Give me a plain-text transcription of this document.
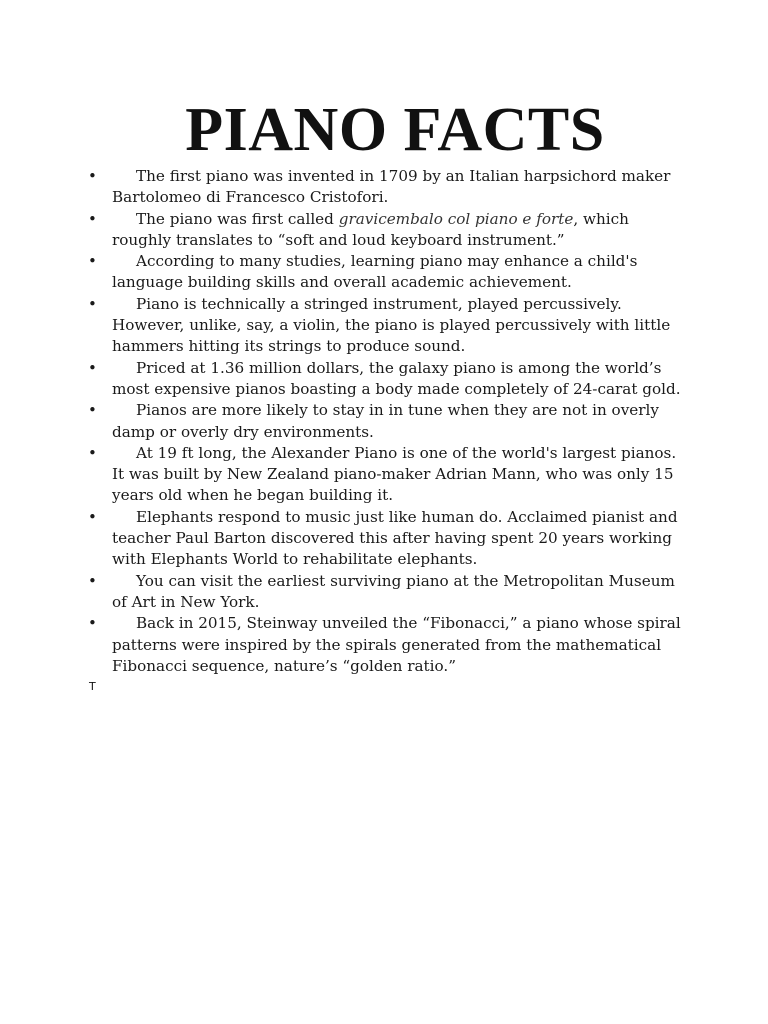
PIANO FACTS
•	The first piano was invented in 1709 by an Italian harpsichord maker Bartolomeo di Francesco Cristofori.
•	The piano was first called gravicembalo col piano e forte, which roughly translates to “soft and loud keyboard instrument.”
•	According to many studies, learning piano may enhance a child's language building skills and overall academic achievement.
•	Piano is technically a stringed instrument, played percussively. However, unlike, say, a violin, the piano is played percussively with little hammers hitting its strings to produce sound.
•	Priced at 1.36 million dollars, the galaxy piano is among the world’s most expensive pianos boasting a body made completely of 24-carat gold.
•	Pianos are more likely to stay in in tune when they are not in overly damp or overly dry environments.
•	At 19 ft long, the Alexander Piano is one of the world's largest pianos. It was built by New Zealand piano-maker Adrian Mann, who was only 15 years old when he began building it.
•	Elephants respond to music just like human do. Acclaimed pianist and teacher Paul Barton discovered this after having spent 20 years working with Elephants World to rehabilitate elephants.
•	You can visit the earliest surviving piano at the Metropolitan Museum of Art in New York.
•	Back in 2015, Steinway unveiled the “Fibonacci,” a piano whose spiral patterns were inspired by the spirals generated from the mathematical Fibonacci sequence, nature’s “golden ratio.”
T
